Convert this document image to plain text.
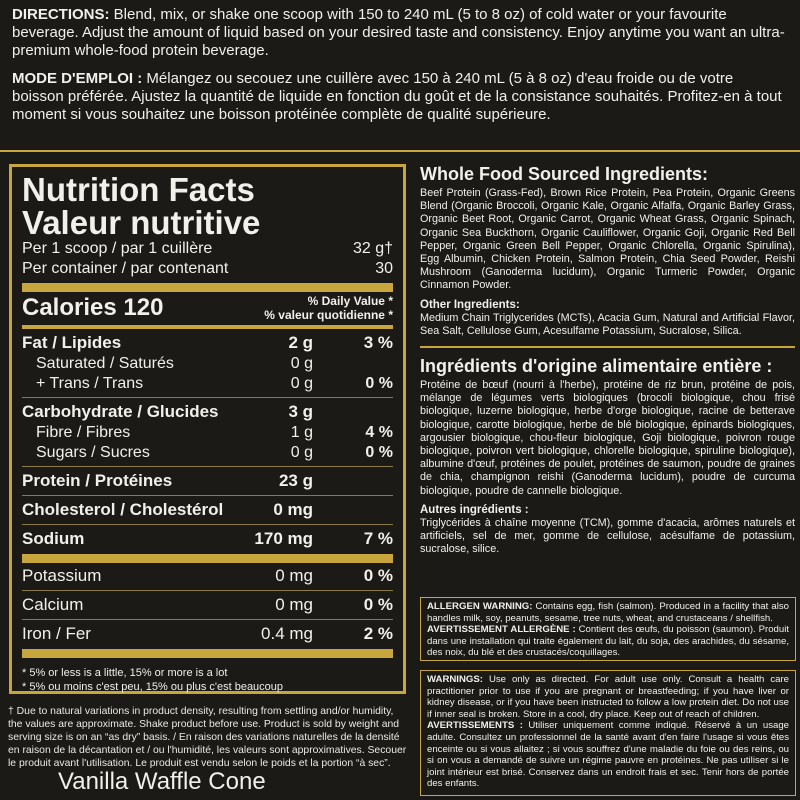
DIRECTIONS: Blend, mix, or shake one scoop with 150 to 240 mL (5 to 8 oz) of cold water or your favourite beverage. Adjust the amount of liquid based on your desired taste and consistency. Enjoy anytime you want an ultra-premium whole-food protein beverage.

MODE D'EMPLOI : Mélangez ou secouez une cuillère avec 150 à 240 mL (5 à 8 oz) d'eau froide ou de votre boisson préférée. Ajustez la quantité de liquide en fonction du goût et de la consistance souhaités. Profitez-en à tout moment si vous souhaitez une boisson protéinée complète de qualité supérieure.

Nutrition Facts
Valeur nutritive
Per 1 scoop / par 1 cuillère	32 g†
Per container / par contenant	30
Calories 120	% Daily Value *
% valeur quotidienne *
Fat / Lipides	2 g	3 %
Saturated / Saturés	0 g
+ Trans / Trans	0 g	0 %
Carbohydrate / Glucides	3 g
Fibre / Fibres	1 g	4 %
Sugars / Sucres	0 g	0 %
Protein / Protéines	23 g
Cholesterol / Cholestérol	0 mg
Sodium	170 mg	7 %
Potassium	0 mg	0 %
Calcium	0 mg	0 %
Iron / Fer	0.4 mg	2 %
* 5% or less is a little, 15% or more is a lot
* 5% ou moins c'est peu, 15% ou plus c'est beaucoup
† Due to natural variations in product density, resulting from settling and/or humidity, the values are approximate. Shake product before use. Product is sold by weight and serving size is on an “as dry” basis. / En raison des variations naturelles de la densité en raison de la décantation et / ou l'humidité, les valeurs sont approximatives. Secouer le produit avant l'utilisation. Le produit est vendu selon le poids et la portion “à sec”.
Vanilla Waffle Cone
Whole Food Sourced Ingredients:
Beef Protein (Grass-Fed), Brown Rice Protein, Pea Protein, Organic Greens Blend (Organic Broccoli, Organic Kale, Organic Alfalfa, Organic Barley Grass, Organic Beet Root, Organic Carrot, Organic Wheat Grass, Organic Spinach, Organic Sea Buckthorn, Organic Cauliflower, Organic Goji, Organic Red Bell Pepper, Organic Green Bell Pepper, Organic Chlorella, Organic Spirulina), Egg Albumin, Chicken Protein, Salmon Protein, Chia Seed Powder, Reishi Mushroom (Ganoderma lucidum), Organic Turmeric Powder, Organic Cinnamon Powder.
Other Ingredients:
Medium Chain Triglycerides (MCTs), Acacia Gum, Natural and Artificial Flavor, Sea Salt, Cellulose Gum, Acesulfame Potassium, Sucralose, Silica.
Ingrédients d'origine alimentaire entière :
Protéine de bœuf (nourri à l'herbe), protéine de riz brun, protéine de pois, mélange de légumes verts biologiques (brocoli biologique, chou frisé biologique, luzerne biologique, herbe d'orge biologique, racine de betterave biologique, carotte biologique, herbe de blé biologique, épinards biologiques, argousier biologique, chou-fleur biologique, Goji biologique, poivron rouge biologique, poivron vert biologique, chlorelle biologique, spiruline biologique), albumine d'œuf, protéines de poulet, protéines de saumon, poudre de graines de chia, champignon reishi (Ganoderma lucidum), poudre de curcuma biologique, poudre de cannelle biologique.
Autres ingrédients :
Triglycérides à chaîne moyenne (TCM), gomme d'acacia, arômes naturels et artificiels, sel de mer, gomme de cellulose, acésulfame de potassium, sucralose, silice.
ALLERGEN WARNING: Contains egg, fish (salmon). Produced in a facility that also handles milk, soy, peanuts, sesame, tree nuts, wheat, and crustaceans / shellfish.
AVERTISSEMENT ALLERGÈNE : Contient des œufs, du poisson (saumon). Produit dans une installation qui traite également du lait, du soja, des arachides, du sésame, des noix, du blé et des crustacés/coquillages.
WARNINGS: Use only as directed. For adult use only. Consult a health care practitioner prior to use if you are pregnant or breastfeeding; if you have liver or kidney disease, or if you have been instructed to follow a low protein diet. Do not use if inner seal is broken. Store in a cool, dry place. Keep out of reach of children.
AVERTISSEMENTS : Utiliser uniquement comme indiqué. Réservé à un usage adulte. Consultez un professionnel de la santé avant d'en faire l'usage si vous êtes enceinte ou si vous allaitez ; si vous souffrez d'une maladie du foie ou des reins, ou si on vous a demandé de suivre un régime pauvre en protéines. Ne pas utiliser si le joint intérieur est brisé. Conservez dans un endroit frais et sec. Tenir hors de portée des enfants.
